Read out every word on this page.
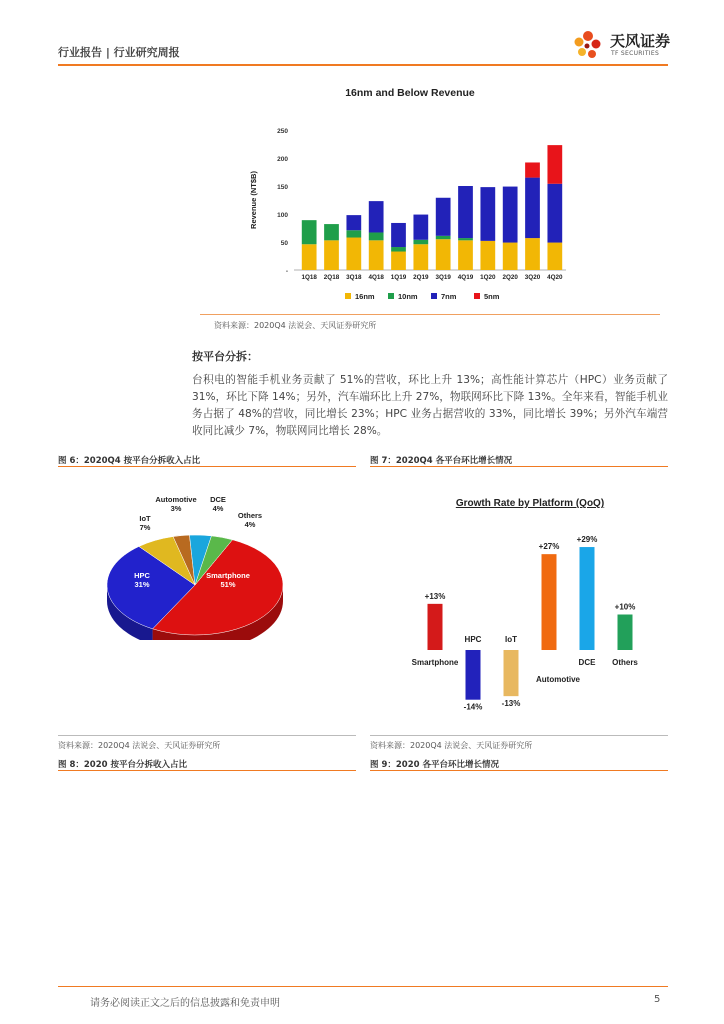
行业报告 | 行业研究周报
天风证券
TF SECURITIES
16nm and Below Revenue
Revenue (NT$B)
250
200
150
100
50
-
1Q18 2Q18 3Q18 4Q18 1Q19 2Q19 3Q19 4Q19 1Q20 2Q20 3Q20 4Q20
16nm	10nm	7nm	5nm
资料来源：2020Q4 法说会、天风证券研究所
按平台分拆：
台积电的智能手机业务贡献了 51%的营收，环比上升 13%；高性能计算芯片（HPC）业务贡献了 31%，环比下降 14%；另外，汽车端环比上升 27%，物联网环比下降 13%。全年来看，智能手机业务占据了 48%的营收，同比增长 23%；HPC 业务占据营收的 33%，同比增长 39%；另外汽车端营收同比减少 7%，物联网同比增长 28%。
图 6：2020Q4 按平台分拆收入占比	图 7：2020Q4 各平台环比增长情况
Smartphone
51%
HPC
31%
IoT
7%
Automotive
3%
DCE
4%
Others
4%
Growth Rate by Platform (QoQ)
+13%
Smartphone
-14%
HPC
-13%
IoT
+27%
Automotive
+29%
DCE
+10%
Others
资料来源：2020Q4 法说会、天风证券研究所	资料来源：2020Q4 法说会、天风证券研究所
图 8：2020 按平台分拆收入占比	图 9：2020 各平台环比增长情况
请务必阅读正文之后的信息披露和免责申明	5
